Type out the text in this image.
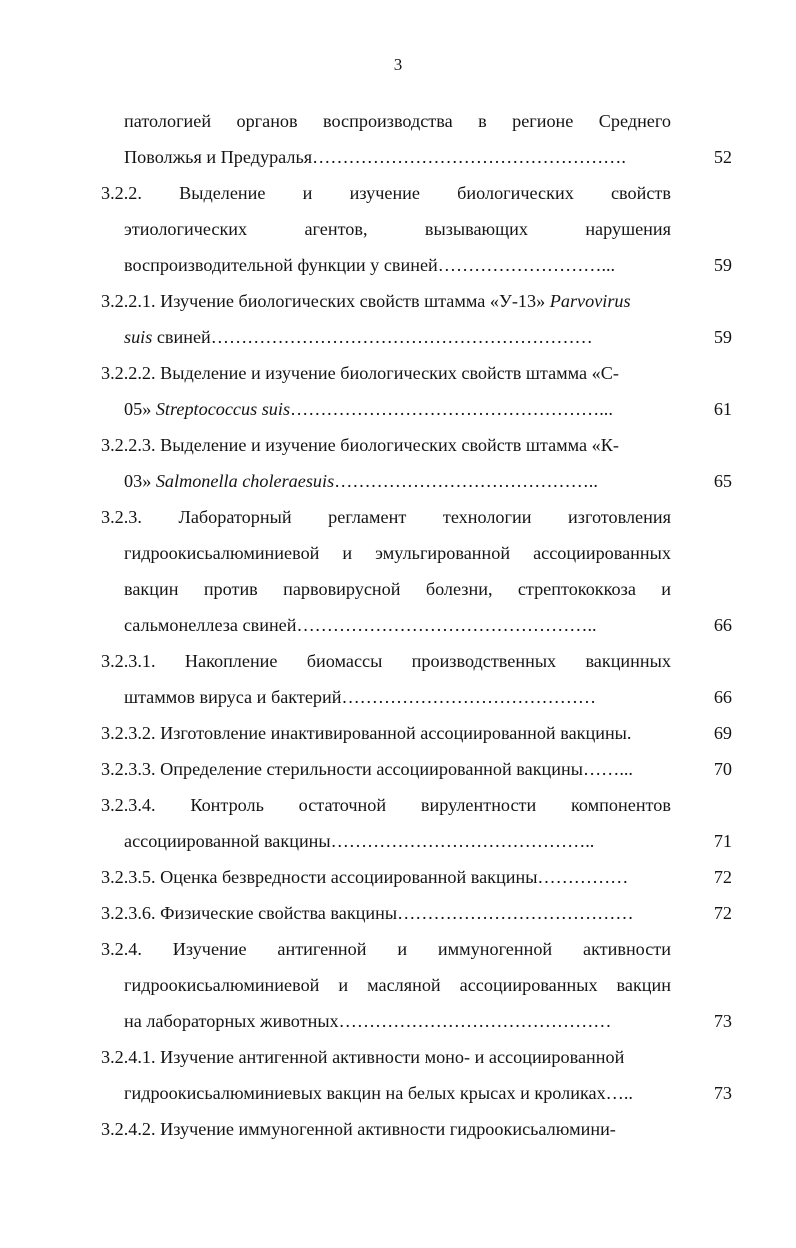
3
патологией органов воспроизводства в регионе Среднего
Поволжья и Предуралья…………………………………………….	52
3.2.2. Выделение и изучение биологических свойств
этиологических	агентов,	вызывающих	нарушения
воспроизводительной функции у свиней………………………...	59
3.2.2.1. Изучение биологических свойств штамма «У-13» Parvovirus
suis свиней………………………………………………………	59
3.2.2.2. Выделение и изучение биологических свойств штамма «С-
05» Streptococcus suis……………………………………………...	61
3.2.2.3. Выделение и изучение биологических свойств штамма «К-
03» Salmonella choleraesuis……………………………………..	65
3.2.3. Лабораторный регламент технологии изготовления
гидроокисьалюминиевой и эмульгированной ассоциированных
вакцин против парвовирусной болезни, стрептококкоза и
сальмонеллеза свиней…………………………………………..	66
3.2.3.1. Накопление биомассы производственных вакцинных
штаммов вируса и бактерий……………………………………	66
3.2.3.2. Изготовление инактивированной ассоциированной вакцины.	69
3.2.3.3. Определение стерильности ассоциированной вакцины……...	70
3.2.3.4. Контроль остаточной вирулентности компонентов
ассоциированной вакцины……………………………………..	71
3.2.3.5. Оценка безвредности ассоциированной вакцины……………	72
3.2.3.6. Физические свойства вакцины…………………………………	72
3.2.4. Изучение антигенной и иммуногенной активности
гидроокисьалюминиевой и масляной ассоциированных вакцин
на лабораторных животных………………………………………	73
3.2.4.1. Изучение антигенной активности моно- и ассоциированной
гидроокисьалюминиевых вакцин на белых крысах и кроликах…..	73
3.2.4.2. Изучение иммуногенной активности гидроокисьалюмини-
